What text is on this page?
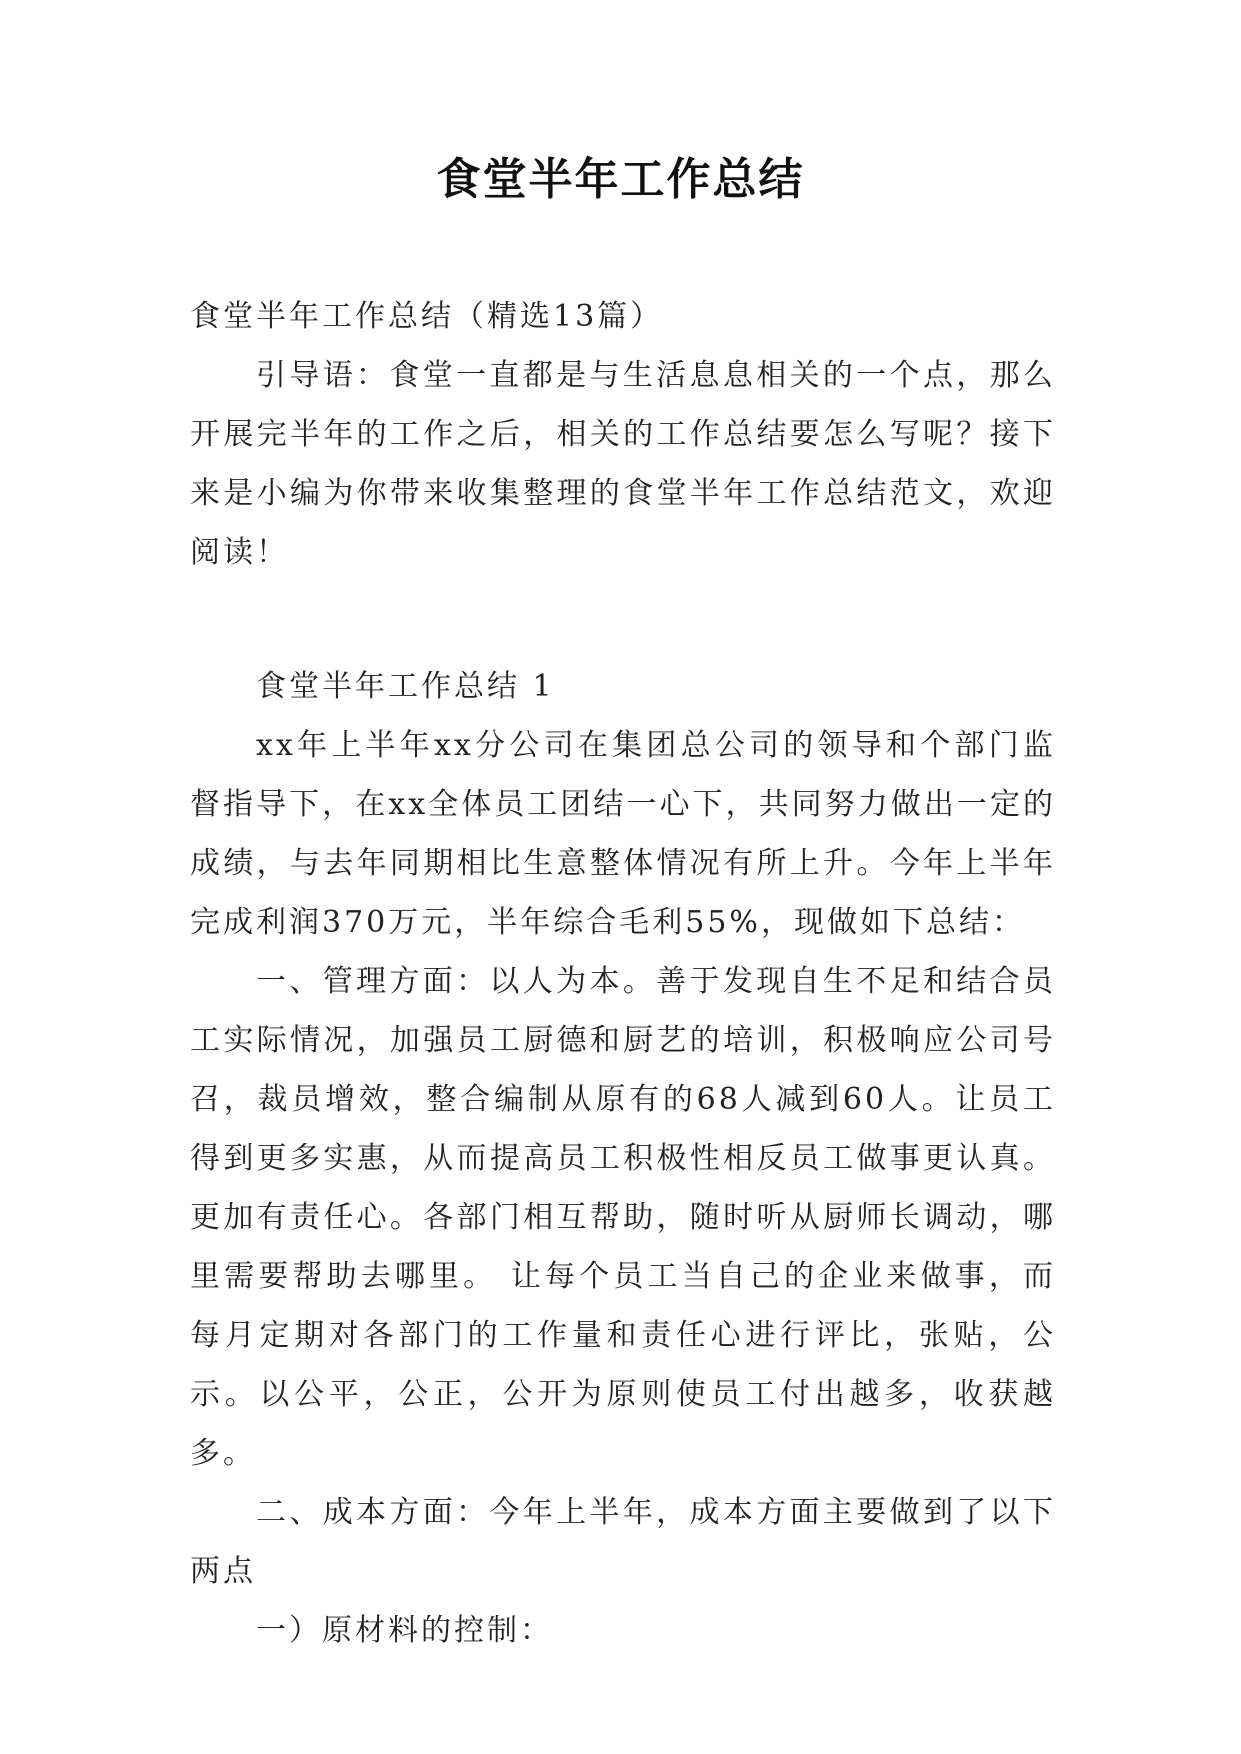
食堂半年工作总结

食堂半年工作总结（精选13篇）

引导语：食堂一直都是与生活息息相关的一个点，那么开展完半年的工作之后，相关的工作总结要怎么写呢？接下来是小编为你带来收集整理的食堂半年工作总结范文，欢迎阅读！

食堂半年工作总结 1

xx年上半年xx分公司在集团总公司的领导和个部门监督指导下，在xx全体员工团结一心下，共同努力做出一定的成绩，与去年同期相比生意整体情况有所上升。今年上半年完成利润370万元，半年综合毛利55%，现做如下总结：

一、管理方面：以人为本。善于发现自生不足和结合员工实际情况，加强员工厨德和厨艺的培训，积极响应公司号召，裁员增效，整合编制从原有的68人减到60人。让员工得到更多实惠，从而提高员工积极性相反员工做事更认真。更加有责任心。各部门相互帮助，随时听从厨师长调动，哪里需要帮助去哪里。 让每个员工当自己的企业来做事，而每月定期对各部门的工作量和责任心进行评比，张贴，公示。以公平，公正，公开为原则使员工付出越多，收获越多。

二、成本方面：今年上半年，成本方面主要做到了以下两点

一）原材料的控制：
